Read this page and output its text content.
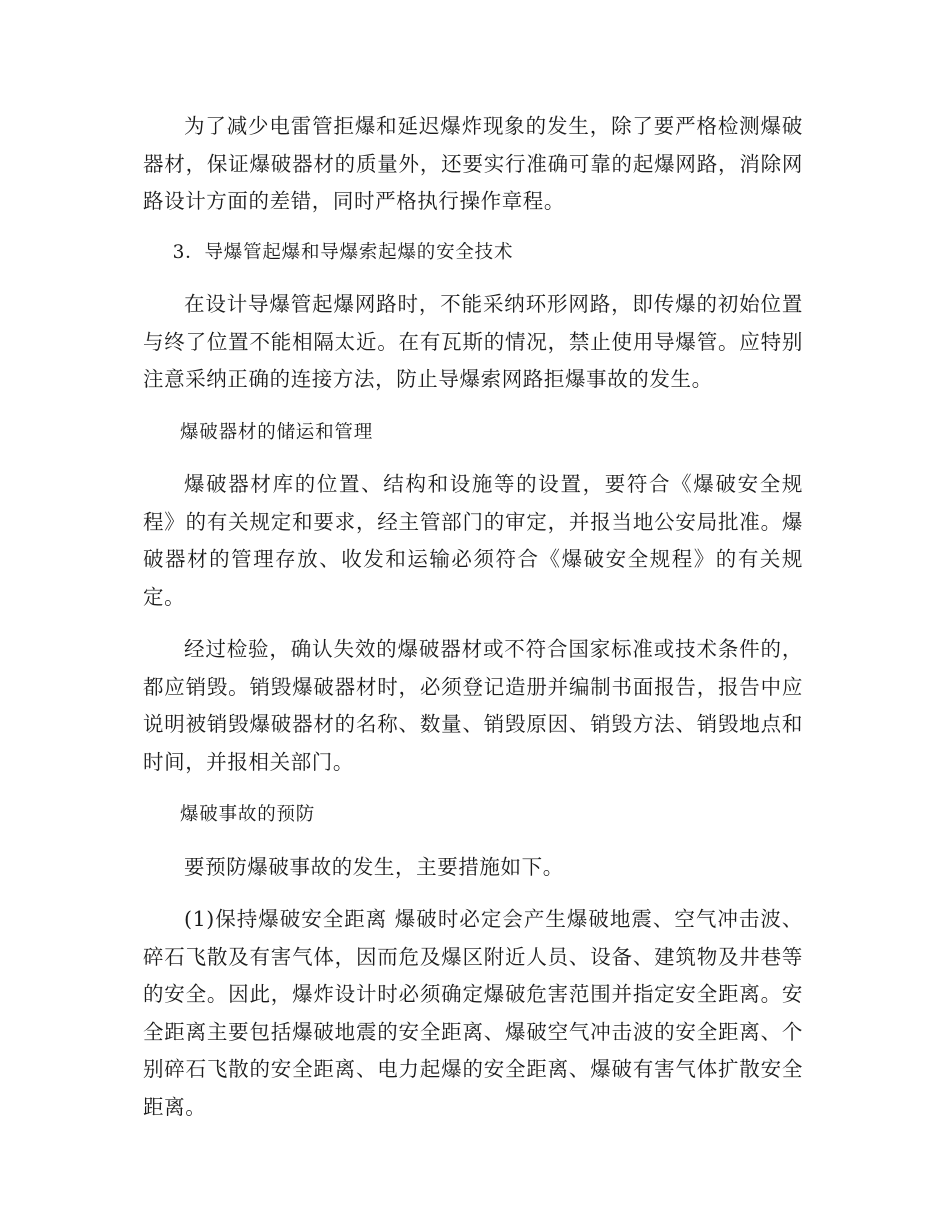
为了减少电雷管拒爆和延迟爆炸现象的发生，除了要严格检测爆破器材，保证爆破器材的质量外，还要实行准确可靠的起爆网路，消除网路设计方面的差错，同时严格执行操作章程。

3．导爆管起爆和导爆索起爆的安全技术

在设计导爆管起爆网路时，不能采纳环形网路，即传爆的初始位置与终了位置不能相隔太近。在有瓦斯的情况，禁止使用导爆管。应特别注意采纳正确的连接方法，防止导爆索网路拒爆事故的发生。

爆破器材的储运和管理

爆破器材库的位置、结构和设施等的设置，要符合《爆破安全规程》的有关规定和要求，经主管部门的审定，并报当地公安局批准。爆破器材的管理存放、收发和运输必须符合《爆破安全规程》的有关规定。

经过检验，确认失效的爆破器材或不符合国家标准或技术条件的，都应销毁。销毁爆破器材时，必须登记造册并编制书面报告，报告中应说明被销毁爆破器材的名称、数量、销毁原因、销毁方法、销毁地点和时间，并报相关部门。

爆破事故的预防

要预防爆破事故的发生，主要措施如下。

(1)保持爆破安全距离 爆破时必定会产生爆破地震、空气冲击波、碎石飞散及有害气体，因而危及爆区附近人员、设备、建筑物及井巷等的安全。因此，爆炸设计时必须确定爆破危害范围并指定安全距离。安全距离主要包括爆破地震的安全距离、爆破空气冲击波的安全距离、个别碎石飞散的安全距离、电力起爆的安全距离、爆破有害气体扩散安全距离。
